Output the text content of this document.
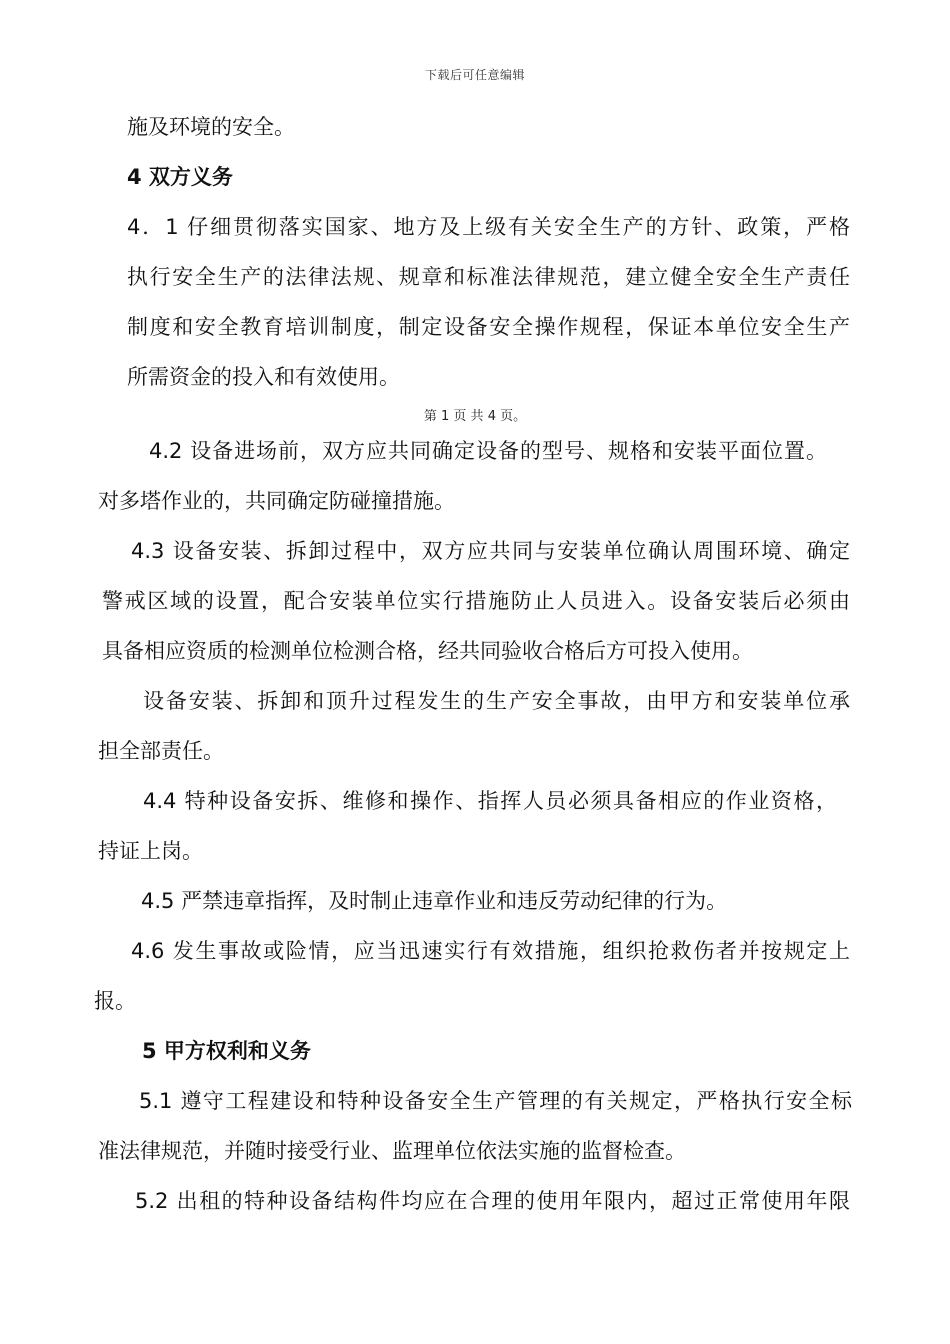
下载后可任意编辑
施及环境的安全。
4 双方义务
4．1 仔细贯彻落实国家、地方及上级有关安全生产的方针、政策，严格
执行安全生产的法律法规、规章和标准法律规范，建立健全安全生产责任
制度和安全教育培训制度，制定设备安全操作规程，保证本单位安全生产
所需资金的投入和有效使用。
第 1 页 共 4 页。
4.2 设备进场前，双方应共同确定设备的型号、规格和安装平面位置。
对多塔作业的，共同确定防碰撞措施。
4.3 设备安装、拆卸过程中，双方应共同与安装单位确认周围环境、确定
警戒区域的设置，配合安装单位实行措施防止人员进入。设备安装后必须由
具备相应资质的检测单位检测合格，经共同验收合格后方可投入使用。
设备安装、拆卸和顶升过程发生的生产安全事故，由甲方和安装单位承
担全部责任。
4.4 特种设备安拆、维修和操作、指挥人员必须具备相应的作业资格，
持证上岗。
4.5 严禁违章指挥，及时制止违章作业和违反劳动纪律的行为。
4.6 发生事故或险情，应当迅速实行有效措施，组织抢救伤者并按规定上
报。
5 甲方权利和义务
5.1 遵守工程建设和特种设备安全生产管理的有关规定，严格执行安全标
准法律规范，并随时接受行业、监理单位依法实施的监督检查。
5.2 出租的特种设备结构件均应在合理的使用年限内，超过正常使用年限
